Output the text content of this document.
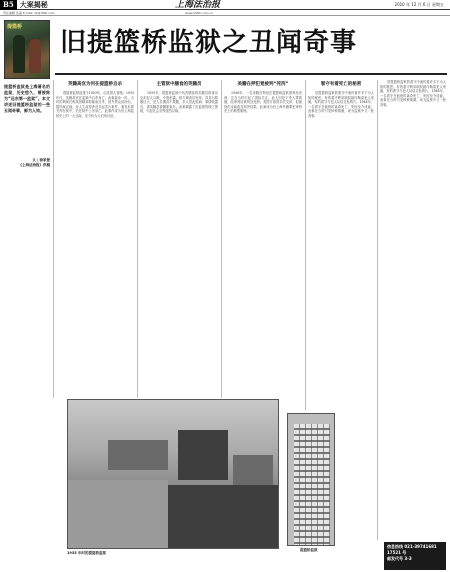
B5 大案揭秘	上海法治报	2010 年 12 月 6 日 星期五
责任编辑 张晶 E-mail: zb@dfzb.com	www.shfzb.com.cn
提篮桥
旧提篮桥监狱之丑闻奇事
提篮桥监狱是上海著名的监狱，历史悠久，曾被称为“远东第一监狱”。本文讲述旧提篮桥监狱的一些丑闻奇事，鲜为人知。
文 / 徐家俊
《上海法治报》供稿
英籍高官为何在提篮桥自杀

提篮桥监狱创建于1903年，由英国人管理。1930年代，英籍高官在监狱中自杀身亡，此事轰动一时。当时的典狱长称其因精神抑郁而自杀，但外界众说纷纭。据档案记载，此人生前曾涉及多起贪污案件，案发后被关押在狱中，后在狱中上吊身亡。此事件成为旧上海监狱史上的一大丑闻，至今仍为人们所议论。

主管狱中膳食的英籍员

1935年，提篮桥监狱中负责膳食的英籍员被查出克扣犯人口粮，中饱私囊。狱方调查后发现，其贪污数额巨大，犯人长期食不果腹，多人因此患病。事情败露后，该英籍员被撤职查办。此案揭露了旧监狱管理之黑暗，引起社会各界强烈反响。

美籍在押犯竟被判“死刑”

1946年，一名美籍在押犯在提篮桥监狱被判处死刑，这在当时引起了国际关注。此人因犯下杀人罪被捕，经审判后被判处死刑。美国方面曾多次交涉，但最终仍未能改变判决结果。此案成为旧上海外籍罪犯审判史上的典型案例。

看守有着死亡的秘密

旧提篮桥监狱的看守中流传着许多不为人知的秘密。有的看守利用职权敲诈勒索犯人家属，有的看守与犯人勾结走私鸦片。1948年，一名看守在值班时离奇死亡，死因至今成谜。此事在当时引发种种猜测，成为监狱中又一桩奇事。

旧提篮桥监狱的看守中流传着许多不为人知的秘密。有的看守利用职权敲诈勒索犯人家属，有的看守与犯人勾结走私鸦片。1948年，一名看守在值班时离奇死亡，死因至今成谜。此事在当时引发种种猜测，成为监狱中又一桩奇事。

1935 年时的提篮桥监狱
提篮桥监狱
信息热线 021-39741681
17521 号
邮发代号 3-3
